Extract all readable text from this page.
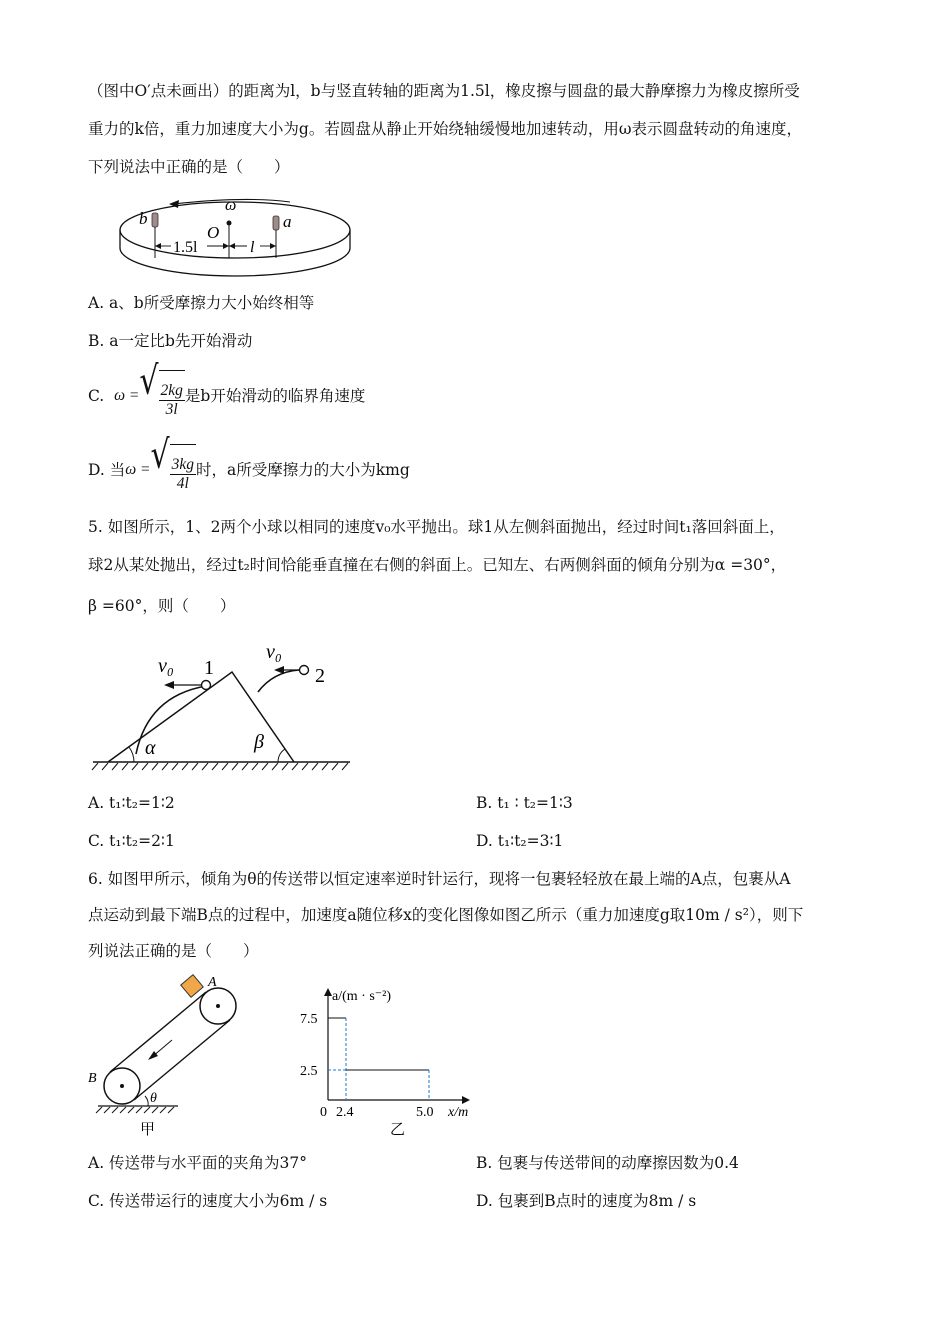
（图中O′点未画出）的距离为l，b与竖直转轴的距离为1.5l，橡皮擦与圆盘的最大静摩擦力为橡皮擦所受
重力的k倍，重力加速度大小为g。若圆盘从静止开始绕轴缓慢地加速转动，用ω表示圆盘转动的角速度，
下列说法中正确的是（　　）
ω
b	a
O
1.5l	l
A. a、b所受摩擦力大小始终相等
B. a一定比b先开始滑动
C.
ω = √ $\frac{2kg}{3l}$ 是b开始滑动的临界角速度
D. 当 ω = √ $\frac{3kg}{4l}$ 时，a所受摩擦力的大小为kmg
5. 如图所示，1、2两个小球以相同的速度v₀水平抛出。球1从左侧斜面抛出，经过时间t₁落回斜面上，
球2从某处抛出，经过t₂时间恰能垂直撞在右侧的斜面上。已知左、右两侧斜面的倾角分别为α =30°，
β =60°，则（　　）
v₀ 1
v₀
2
α	β
A. t₁∶t₂=1∶2	B. t₁ ∶ t₂=1∶3
C. t₁∶t₂=2∶1	D. t₁∶t₂=3∶1
6. 如图甲所示，倾角为θ的传送带以恒定速率逆时针运行，现将一包裹轻轻放在最上端的A点，包裹从A
点运动到最下端B点的过程中，加速度a随位移x的变化图像如图乙所示（重力加速度g取10m / s²），则下
列说法正确的是（　　）
A
B
θ
甲
a/(m · s⁻²)
7.5
2.5
0 2.4	5.0 x/m
乙
A. 传送带与水平面的夹角为37°	B. 包裹与传送带间的动摩擦因数为0.4
C. 传送带运行的速度大小为6m / s	D. 包裹到B点时的速度为8m / s
